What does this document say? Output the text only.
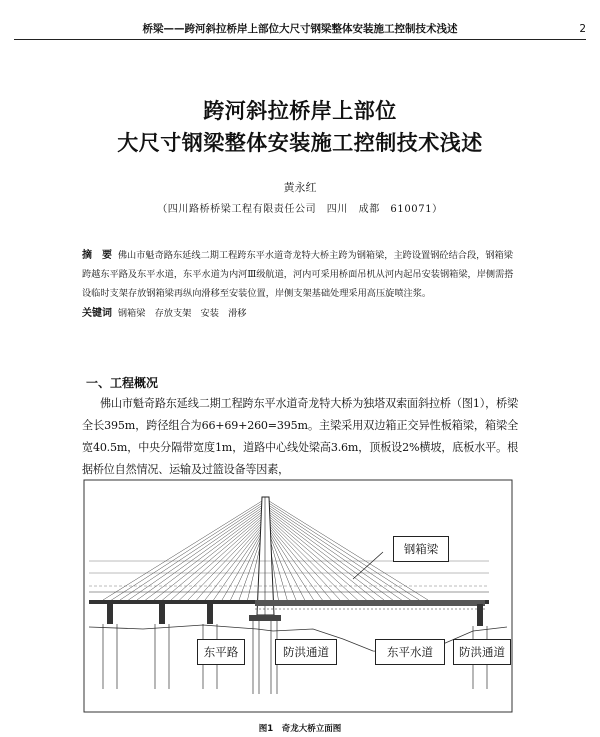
桥梁——跨河斜拉桥岸上部位大尺寸钢梁整体安装施工控制技术浅述	2
跨河斜拉桥岸上部位
大尺寸钢梁整体安装施工控制技术浅述
黄永红
（四川路桥桥梁工程有限责任公司　四川　成都　610071）
摘　要 佛山市魁奇路东延线二期工程跨东平水道奇龙特大桥主跨为钢箱梁，主跨设置钢砼结合段，钢箱梁跨越东平路及东平水道，东平水道为内河Ⅲ级航道，河内可采用桥面吊机从河内起吊安装钢箱梁，岸侧需搭设临时支架存放钢箱梁再纵向滑移至安装位置，岸侧支架基础处理采用高压旋喷注浆。
关键词 钢箱梁　存放支架　安装　滑移
一、工程概况
佛山市魁奇路东延线二期工程跨东平水道奇龙特大桥为独塔双索面斜拉桥（图1），桥梁全长395m，跨径组合为66+69+260=395m。主梁采用双边箱正交异性板箱梁，箱梁全宽40.5m，中央分隔带宽度1m，道路中心线处梁高3.6m，顶板设2%横坡，底板水平。根据桥位自然情况、运输及过篮设备等因素，
钢箱梁
东平路	防洪通道	东平水道	防洪通道
图1　奇龙大桥立面图
